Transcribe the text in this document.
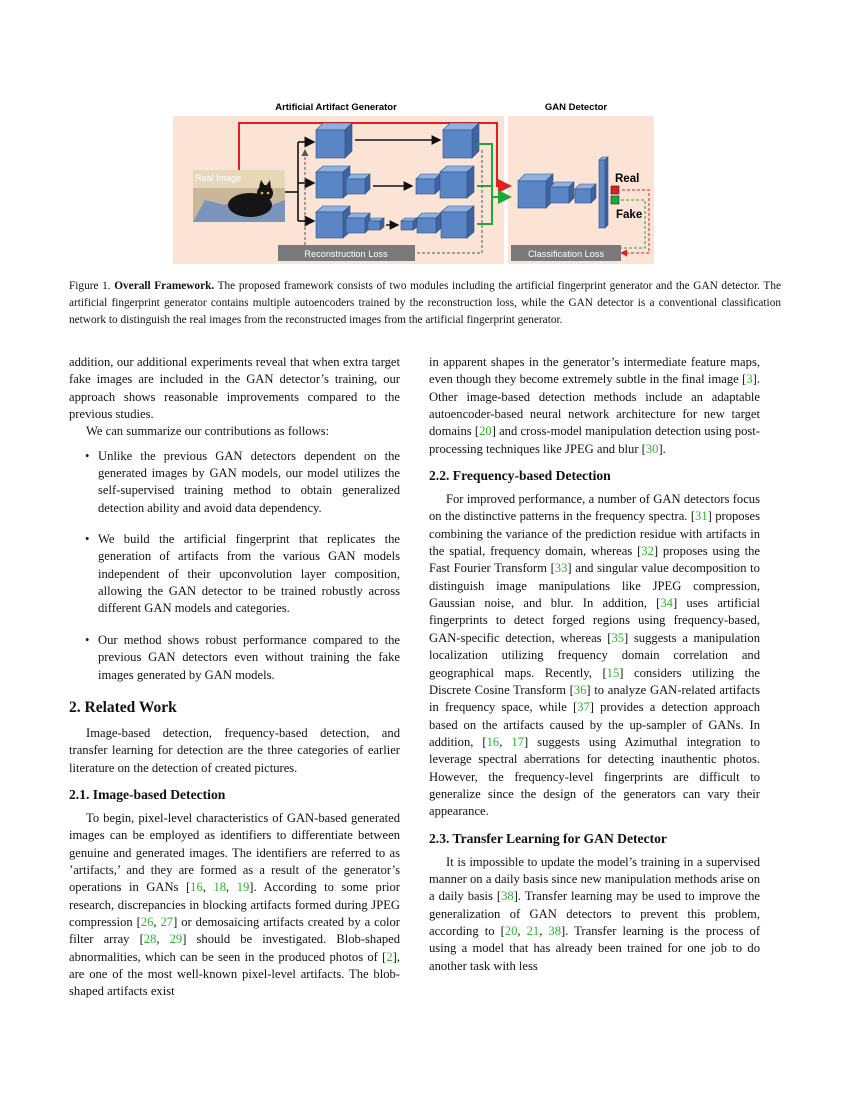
Artificial Artifact Generator	GAN Detector
Real Image
Reconstruction Loss
Real
Fake
Classification Loss
Figure 1. Overall Framework. The proposed framework consists of two modules including the artificial fingerprint generator and the GAN detector. The artificial fingerprint generator contains multiple autoencoders trained by the reconstruction loss, while the GAN detector is a conventional classification network to distinguish the real images from the reconstructed images from the artificial fingerprint generator.

addition, our additional experiments reveal that when extra target fake images are included in the GAN detector’s training, our approach shows reasonable improvements compared to the previous studies.

We can summarize our contributions as follows:

• Unlike the previous GAN detectors dependent on the generated images by GAN models, our model utilizes the self-supervised training method to obtain generalized detection ability and avoid data dependency.
• We build the artificial fingerprint that replicates the generation of artifacts from the various GAN models independent of their upconvolution layer composition, allowing the GAN detector to be trained robustly across different GAN models and categories.
• Our method shows robust performance compared to the previous GAN detectors even without training the fake images generated by GAN models.
2. Related Work

Image-based detection, frequency-based detection, and transfer learning for detection are the three categories of earlier literature on the detection of created pictures.

2.1. Image-based Detection

To begin, pixel-level characteristics of GAN-based generated images can be employed as identifiers to differentiate between genuine and generated images. The identifiers are referred to as ’artifacts,’ and they are formed as a result of the generator’s operations in GANs [16, 18, 19]. According to some prior research, discrepancies in blocking artifacts formed during JPEG compression [26, 27] or demosaicing artifacts created by a color filter array [28, 29] should be investigated. Blob-shaped abnormalities, which can be seen in the produced photos of [2], are one of the most well-known pixel-level artifacts. The blob-shaped artifacts exist

in apparent shapes in the generator’s intermediate feature maps, even though they become extremely subtle in the final image [3]. Other image-based detection methods include an adaptable autoencoder-based neural network architecture for new target domains [20] and cross-model manipulation detection using post-processing techniques like JPEG and blur [30].

2.2. Frequency-based Detection

For improved performance, a number of GAN detectors focus on the distinctive patterns in the frequency spectra. [31] proposes combining the variance of the prediction residue with artifacts in the spatial, frequency domain, whereas [32] proposes using the Fast Fourier Transform [33] and singular value decomposition to distinguish image manipulations like JPEG compression, Gaussian noise, and blur. In addition, [34] uses artificial fingerprints to detect forged regions using frequency-based, GAN-specific detection, whereas [35] suggests a manipulation localization utilizing frequency domain correlation and geographical maps. Recently, [15] considers utilizing the Discrete Cosine Transform [36] to analyze GAN-related artifacts in frequency space, while [37] provides a detection approach based on the artifacts caused by the up-sampler of GANs. In addition, [16, 17] suggests using Azimuthal integration to leverage spectral aberrations for detecting inauthentic photos. However, the frequency-level fingerprints are difficult to generalize since the design of the generators can vary their appearance.

2.3. Transfer Learning for GAN Detector

It is impossible to update the model’s training in a supervised manner on a daily basis since new manipulation methods arise on a daily basis [38]. Transfer learning may be used to improve the generalization of GAN detectors to prevent this problem, according to [20, 21, 38]. Transfer learning is the process of using a model that has already been trained for one job to do another task with less
